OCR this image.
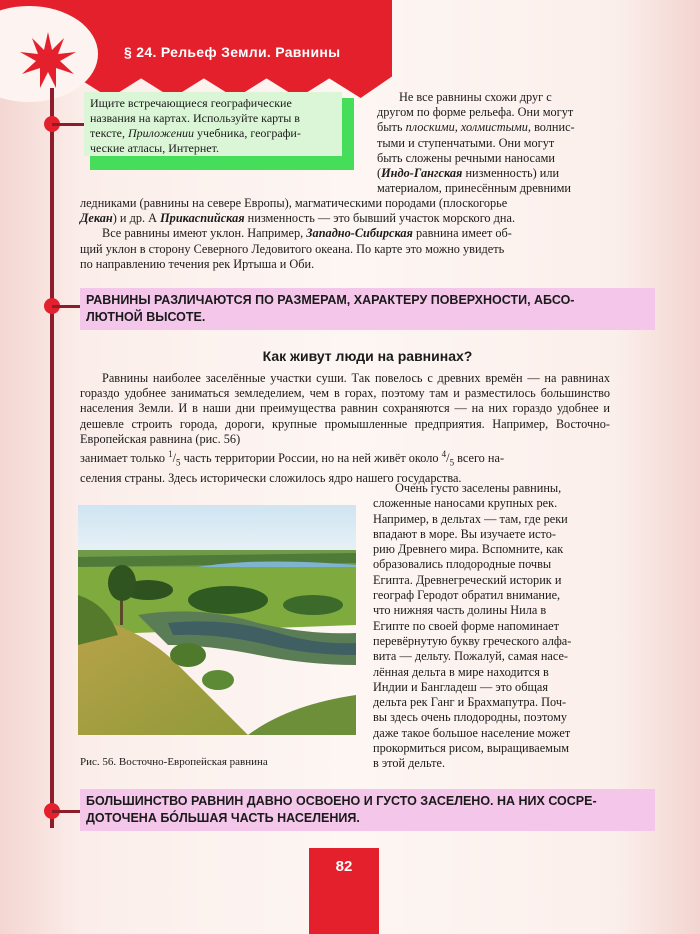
§ 24. Рельеф Земли. Равнины
Ищите встречающиеся географические
названия на картах. Используйте карты в
тексте, Приложении учебника, географи-
ческие атласы, Интернет.
Не все равнины схожи друг с
другом по форме рельефа. Они могут
быть плоскими, холмистыми, волнис-
тыми и ступенчатыми. Они могут
быть сложены речными наносами
(Индо-Гангская низменность) или
материалом, принесённым древними
ледниками (равнины на севере Европы), магматическими породами (плоскогорье
Декан) и др. А Прикаспийская низменность — это бывший участок морского дна.
Все равнины имеют уклон. Например, Западно-Сибирская равнина имеет об-
щий уклон в сторону Северного Ледовитого океана. По карте это можно увидеть
по направлению течения рек Иртыша и Оби.
РАВНИНЫ РАЗЛИЧАЮТСЯ ПО РАЗМЕРАМ, ХАРАКТЕРУ ПОВЕРХНОСТИ, АБСО-
ЛЮТНОЙ ВЫСОТЕ.
Как живут люди на равнинах?

Равнины наиболее заселённые участки суши. Так повелось с древних времён — на равнинах гораздо удобнее заниматься земледелием, чем в горах, поэтому там и разместилось большинство населения Земли. И в наши дни преимущества равнин сохраняются — на них гораздо удобнее и дешевле строить города, дороги, крупные промышленные предприятия. Например, Восточно-Европейская равнина (рис. 56)

занимает только $^1/_5$ часть территории России, но на ней живёт около $^4/_5$ всего на-
селения страны. Здесь исторически сложилось ядро нашего государства.
Рис. 56. Восточно-Европейская равнина
Очень густо заселены равнины,
сложенные наносами крупных рек.
Например, в дельтах — там, где реки
впадают в море. Вы изучаете исто-
рию Древнего мира. Вспомните, как
образовались плодородные почвы
Египта. Древнегреческий историк и
географ Геродот обратил внимание,
что нижняя часть долины Нила в
Египте по своей форме напоминает
перевёрнутую букву греческого алфа-
вита — дельту. Пожалуй, самая насе-
лённая дельта в мире находится в
Индии и Бангладеш — это общая
дельта рек Ганг и Брахмапутра. Поч-
вы здесь очень плодородны, поэтому
даже такое большое население может
прокормиться рисом, выращиваемым
в этой дельте.
БОЛЬШИНСТВО РАВНИН ДАВНО ОСВОЕНО И ГУСТО ЗАСЕЛЕНО. НА НИХ СОСРЕ-
ДОТОЧЕНА БÓЛЬШАЯ ЧАСТЬ НАСЕЛЕНИЯ.
82
